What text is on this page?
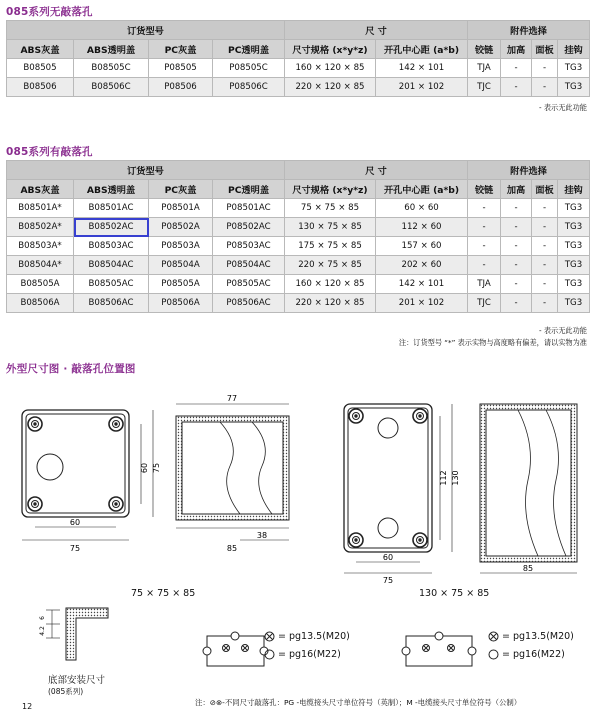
085系列无敲落孔
订货型号				尺 寸		附件选择			
ABS灰盖	ABS透明盖	PC灰盖	PC透明盖	尺寸规格 (x*y*z)	开孔中心距 (a*b)	铰链	加高	面板	挂钩
B08505	B08505C	P08505	P08505C	160 × 120 × 85	142 × 101	TJA	-	-	TG3
B08506	B08506C	P08506	P08506C	220 × 120 × 85	201 × 102	TJC	-	-	TG3
- 表示无此功能
085系列有敲落孔
订货型号				尺 寸		附件选择			
ABS灰盖	ABS透明盖	PC灰盖	PC透明盖	尺寸规格 (x*y*z)	开孔中心距 (a*b)	铰链	加高	面板	挂钩
B08501A*	B08501AC	P08501A	P08501AC	75 × 75 × 85	60 × 60	-	-	-	TG3
B08502A*	B08502AC	P08502A	P08502AC	130 × 75 × 85	112 × 60	-	-	-	TG3
B08503A*	B08503AC	P08503A	P08503AC	175 × 75 × 85	157 × 60	-	-	-	TG3
B08504A*	B08504AC	P08504A	P08504AC	220 × 75 × 85	202 × 60	-	-	-	TG3
B08505A	B08505AC	P08505A	P08505AC	160 × 120 × 85	142 × 101	TJA	-	-	TG3
B08506A	B08506AC	P08506A	P08506AC	220 × 120 × 85	201 × 102	TJC	-	-	TG3
- 表示无此功能
注：订货型号 “*” 表示实物与高度略有偏差，请以实物为准
外型尺寸图 · 敲落孔位置图
60
75
60 75
77
38
85
60
75
112 130
85
6
4.2
75 × 75 × 85	130 × 75 × 85
底部安装尺寸
(085系列)
= pg13.5(M20)
= pg16(M22)
= pg13.5(M20)
= pg16(M22)
注：⊘⊗-不同尺寸敲落孔：PG -电缆接头尺寸单位符号（英制）；M -电缆接头尺寸单位符号（公制）
12
